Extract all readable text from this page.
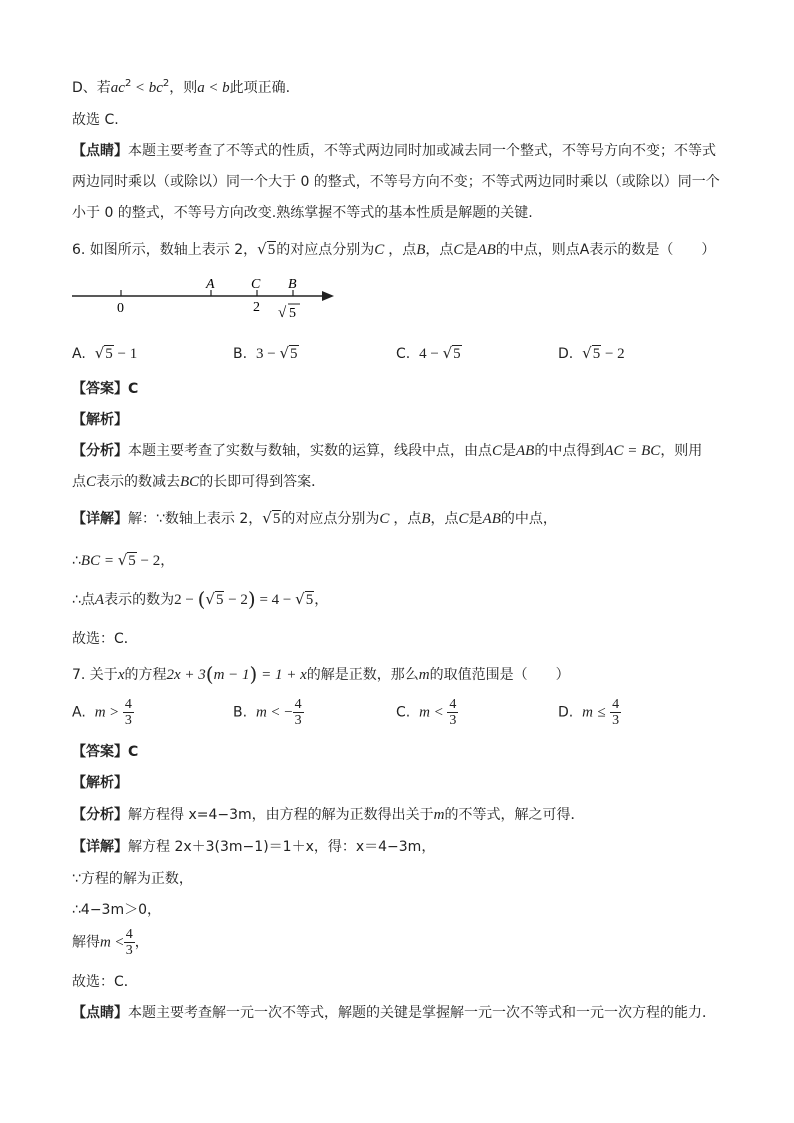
D、若$ac^2 < bc^2$，则a < b此项正确.
故选 C.
【点睛】本题主要考查了不等式的性质，不等式两边同时加或减去同一个整式，不等号方向不变；不等式
两边同时乘以（或除以）同一个大于 0 的整式，不等号方向不变；不等式两边同时乘以（或除以）同一个
小于 0 的整式，不等号方向改变.熟练掌握不等式的基本性质是解题的关键.
6. 如图所示，数轴上表示 2，√5的对应点分别为C ，点B，点C是AB的中点，则点A表示的数是（　　）
0
A	C B
2 √ 5
A. √5 − 1	B. 3 − √5	C. 4 − √5	D. √5 − 2
【答案】C
【解析】
【分析】本题主要考查了实数与数轴，实数的运算，线段中点，由点C是AB的中点得到AC = BC，则用
点C表示的数减去BC的长即可得到答案．
【详解】解：∵数轴上表示 2，√5的对应点分别为C ，点B，点C是AB的中点，
∴BC = √5 − 2，
∴点A表示的数为2 − (√5 − 2) = 4 − √5，
故选：C．
7. 关于x的方程2x + 3(m − 1) = 1 + x的解是正数，那么m的取值范围是（　　）
A. $m > \frac{4}{3}$	B. m < − $\frac{4}{3}$	C. $m < \frac{4}{3}$	D. $m \le \frac{4}{3}$
【答案】C
【解析】
【分析】解方程得 x=4−3m，由方程的解为正数得出关于m的不等式，解之可得．
【详解】解方程 2x＋3(3m−1)＝1＋x，得：x＝4−3m，
∵方程的解为正数，
∴4−3m＞0，
解得$m < \frac{4}{3}$ ，
故选：C．
【点睛】本题主要考查解一元一次不等式，解题的关键是掌握解一元一次不等式和一元一次方程的能力．
